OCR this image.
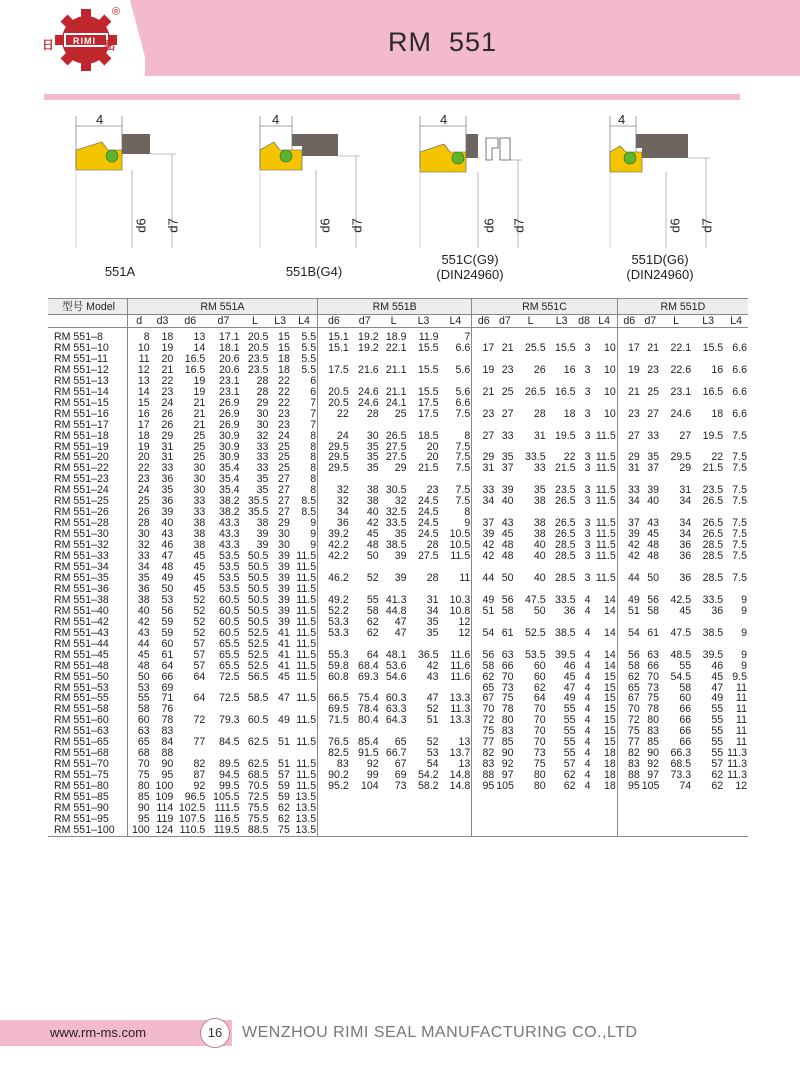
日	密
RIMI
®
RM  551
4
d6 d7
551A
4
d6 d7
551B(G4)
4
d6 d7
551C(G9)
(DIN24960)
4
d6 d7
551D(G6)
(DIN24960)
型号 Model	RM 551A							RM 551B					RM 551C						RM 551D				
	d	d3	d6	d7	L	L3	L4	d6	d7	L	L3	L4	d6	d7	L	L3	d8	L4	d6	d7	L	L3	L4
RM 551–8	8	18	13	17.1	20.5	15	5.5	15.1	19.2	18.9	11.9	7											
RM 551–10	10	19	14	18.1	20.5	15	5.5	15.1	19.2	22.1	15.5	6.6	17	21	25.5	15.5	3	10	17	21	22.1	15.5	6.6
RM 551–11	11	20	16.5	20.6	23.5	18	5.5																
RM 551–12	12	21	16.5	20.6	23.5	18	5.5	17.5	21.6	21.1	15.5	5.6	19	23	26	16	3	10	19	23	22.6	16	6.6
RM 551–13	13	22	19	23.1	28	22	6																
RM 551–14	14	23	19	23.1	28	22	6	20.5	24.6	21.1	15.5	5.6	21	25	26.5	16.5	3	10	21	25	23.1	16.5	6.6
RM 551–15	15	24	21	26.9	29	22	7	20.5	24.6	24.1	17.5	6.6											
RM 551–16	16	26	21	26.9	30	23	7	22	28	25	17.5	7.5	23	27	28	18	3	10	23	27	24.6	18	6.6
RM 551–17	17	26	21	26.9	30	23	7																
RM 551–18	18	29	25	30.9	32	24	8	24	30	26.5	18.5	8	27	33	31	19.5	3	11.5	27	33	27	19.5	7.5
RM 551–19	19	31	25	30.9	33	25	8	29.5	35	27.5	20	7.5											
RM 551–20	20	31	25	30.9	33	25	8	29.5	35	27.5	20	7.5	29	35	33.5	22	3	11.5	29	35	29.5	22	7.5
RM 551–22	22	33	30	35.4	33	25	8	29.5	35	29	21.5	7.5	31	37	33	21.5	3	11.5	31	37	29	21.5	7.5
RM 551–23	23	36	30	35.4	35	27	8																
RM 551–24	24	35	30	35.4	35	27	8	32	38	30.5	23	7.5	33	39	35	23.5	3	11.5	33	39	31	23.5	7.5
RM 551–25	25	36	33	38.2	35.5	27	8.5	32	38	32	24.5	7.5	34	40	38	26.5	3	11.5	34	40	34	26.5	7.5
RM 551–26	26	39	33	38.2	35.5	27	8.5	34	40	32.5	24.5	8											
RM 551–28	28	40	38	43.3	38	29	9	36	42	33.5	24.5	9	37	43	38	26.5	3	11.5	37	43	34	26.5	7.5
RM 551–30	30	43	38	43.3	39	30	9	39.2	45	35	24.5	10.5	39	45	38	26.5	3	11.5	39	45	34	26.5	7.5
RM 551–32	32	46	38	43.3	39	30	9	42.2	48	38.5	28	10.5	42	48	40	28.5	3	11.5	42	48	36	28.5	7.5
RM 551–33	33	47	45	53.5	50.5	39	11.5	42.2	50	39	27.5	11.5	42	48	40	28.5	3	11.5	42	48	36	28.5	7.5
RM 551–34	34	48	45	53.5	50.5	39	11.5																
RM 551–35	35	49	45	53.5	50.5	39	11.5	46.2	52	39	28	11	44	50	40	28.5	3	11.5	44	50	36	28.5	7.5
RM 551–36	36	50	45	53.5	50.5	39	11.5																
RM 551–38	38	53	52	60.5	50.5	39	11.5	49.2	55	41.3	31	10.3	49	56	47.5	33.5	4	14	49	56	42.5	33.5	9
RM 551–40	40	56	52	60.5	50.5	39	11.5	52.2	58	44.8	34	10.8	51	58	50	36	4	14	51	58	45	36	9
RM 551–42	42	59	52	60.5	50.5	39	11.5	53.3	62	47	35	12											
RM 551–43	43	59	52	60.5	52.5	41	11.5	53.3	62	47	35	12	54	61	52.5	38.5	4	14	54	61	47.5	38.5	9
RM 551–44	44	60	57	65.5	52.5	41	11.5																
RM 551–45	45	61	57	65.5	52.5	41	11.5	55.3	64	48.1	36.5	11.6	56	63	53.5	39.5	4	14	56	63	48.5	39.5	9
RM 551–48	48	64	57	65.5	52.5	41	11.5	59.8	68.4	53.6	42	11.6	58	66	60	46	4	14	58	66	55	46	9
RM 551–50	50	66	64	72.5	56.5	45	11.5	60.8	69.3	54.6	43	11.6	62	70	60	45	4	15	62	70	54.5	45	9.5
RM 551–53	53	69											65	73	62	47	4	15	65	73	58	47	11
RM 551–55	55	71	64	72.5	58.5	47	11.5	66.5	75.4	60.3	47	13.3	67	75	64	49	4	15	67	75	60	49	11
RM 551–58	58	76						69.5	78.4	63.3	52	11.3	70	78	70	55	4	15	70	78	66	55	11
RM 551–60	60	78	72	79.3	60.5	49	11.5	71.5	80.4	64.3	51	13.3	72	80	70	55	4	15	72	80	66	55	11
RM 551–63	63	83											75	83	70	55	4	15	75	83	66	55	11
RM 551–65	65	84	77	84.5	62.5	51	11.5	76.5	85.4	65	52	13	77	85	70	55	4	15	77	85	66	55	11
RM 551–68	68	88						82.5	91.5	66.7	53	13.7	82	90	73	55	4	18	82	90	66.3	55	11.3
RM 551–70	70	90	82	89.5	62.5	51	11.5	83	92	67	54	13	83	92	75	57	4	18	83	92	68.5	57	11.3
RM 551–75	75	95	87	94.5	68.5	57	11.5	90.2	99	69	54.2	14.8	88	97	80	62	4	18	88	97	73.3	62	11.3
RM 551–80	80	100	92	99.5	70.5	59	11.5	95.2	104	73	58.2	14.8	95	105	80	62	4	18	95	105	74	62	12
RM 551–85	85	109	96.5	105.5	72.5	59	13.5																
RM 551–90	90	114	102.5	111.5	75.5	62	13.5																
RM 551–95	95	119	107.5	116.5	75.5	62	13.5																
RM 551–100	100	124	110.5	119.5	88.5	75	13.5																
www.rm-ms.com	16	WENZHOU RIMI SEAL MANUFACTURING CO.,LTD
